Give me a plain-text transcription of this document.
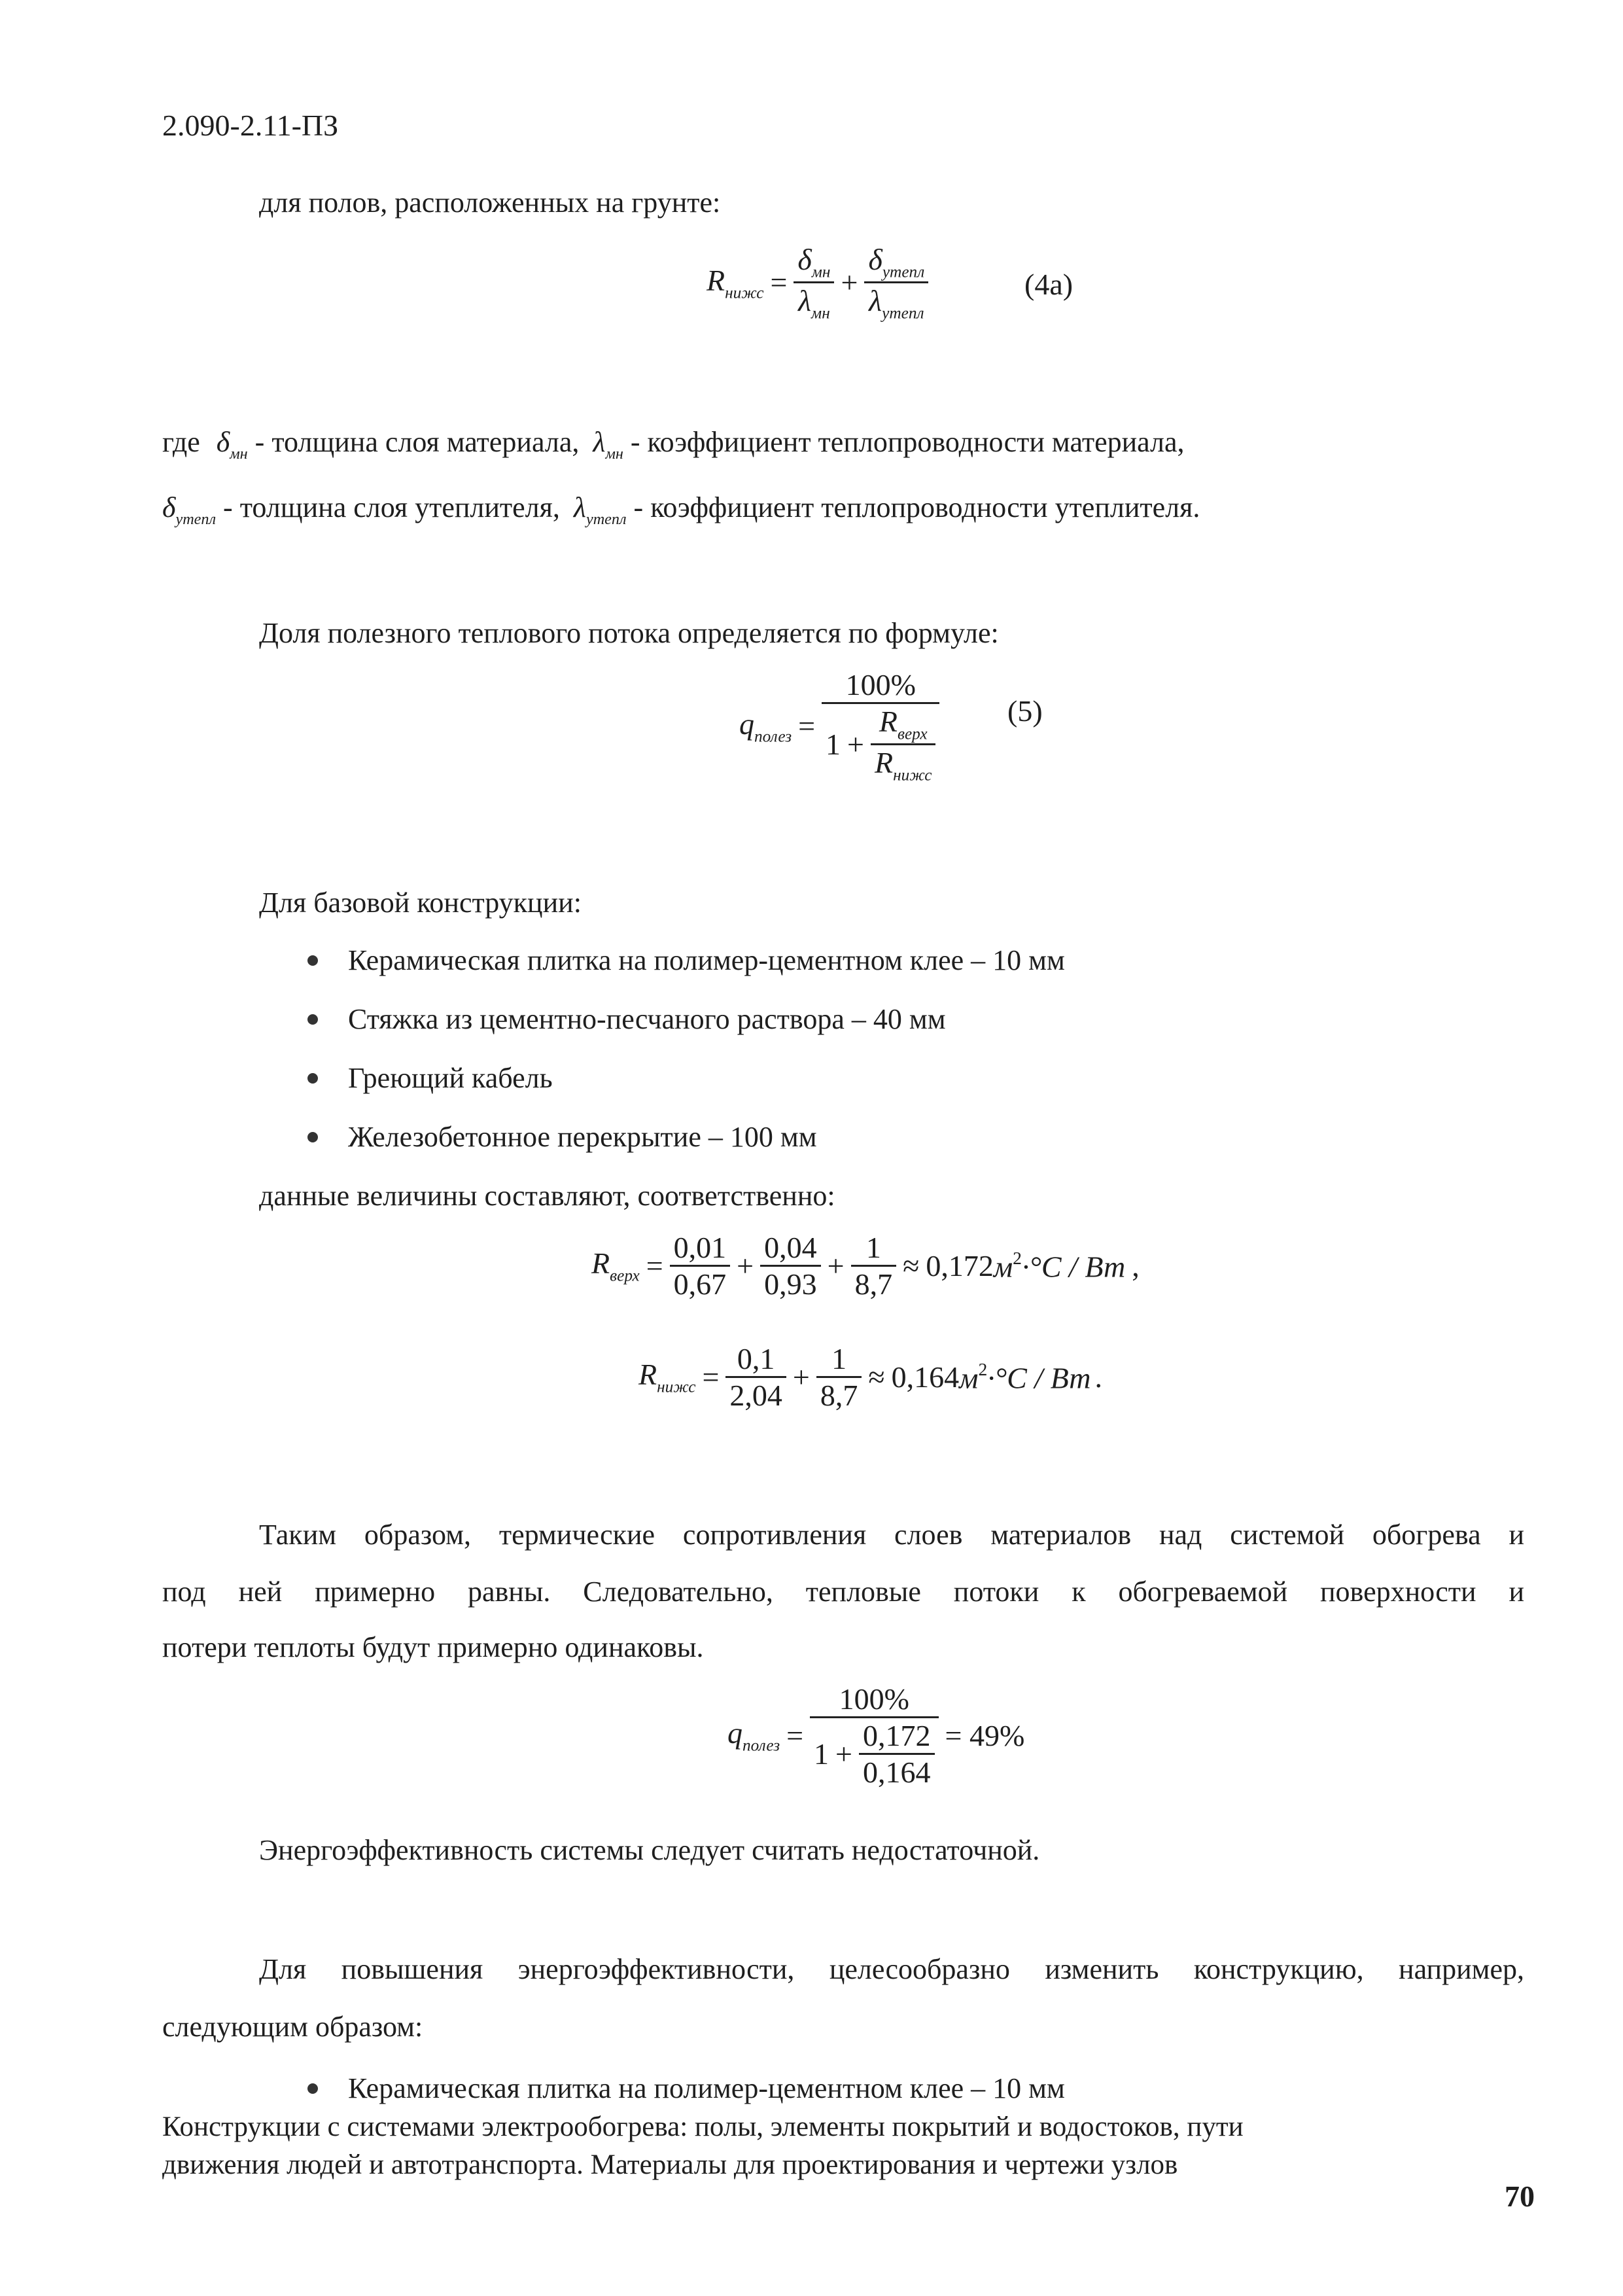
2.090-2.11-ПЗ
для полов, расположенных на грунте:
$R_{нижс} = \frac{\delta_{мн}}{\lambda_{мн}} + \frac{\delta_{утепл}}{\lambda_{утепл}}$	(4а)
где $\delta_{мн}$ - толщина слоя материала, $\lambda_{мн}$ - коэффициент теплопроводности материала,
$\delta_{утепл}$ - толщина слоя утеплителя, $\lambda_{утепл}$ - коэффициент теплопроводности утеплителя.
Доля полезного теплового потока определяется по формуле:
$q_{полез} = \frac{100\%}{1 + \frac{R_{верх}}{R_{нижс}}} (5)$
Для базовой конструкции:
Керамическая плитка на полимер-цементном клее – 10 мм
Стяжка из цементно-песчаного раствора – 40 мм
Греющий кабель
Железобетонное перекрытие – 100 мм
данные величины составляют, соответственно:
$R_{верх} = \frac{0,01}{0,67} + \frac{0,04}{0,93} + \frac{1}{8,7} \approx 0,172$ $м^2\cdot^\circ C$ / Вт ,
$R_{нижс} = \frac{0,1}{2,04} + \frac{1}{8,7} \approx 0,164$ $м^2\cdot^\circ C$ / Вт .
Таким образом, термические сопротивления слоев материалов над системой обогрева и
под ней примерно равны. Следовательно, тепловые потоки к обогреваемой поверхности и
потери теплоты будут примерно одинаковы.
$q_{полез} = \frac{100\%}{1 + \frac{0,172}{0,164}} = 49\%$
Энергоэффективность системы следует считать недостаточной.
Для повышения энергоэффективности, целесообразно изменить конструкцию, например,
следующим образом:
Керамическая плитка на полимер-цементном клее – 10 мм
Конструкции с системами электрообогрева: полы, элементы покрытий и водостоков, пути
движения людей и автотранспорта. Материалы для проектирования и чертежи узлов
70
